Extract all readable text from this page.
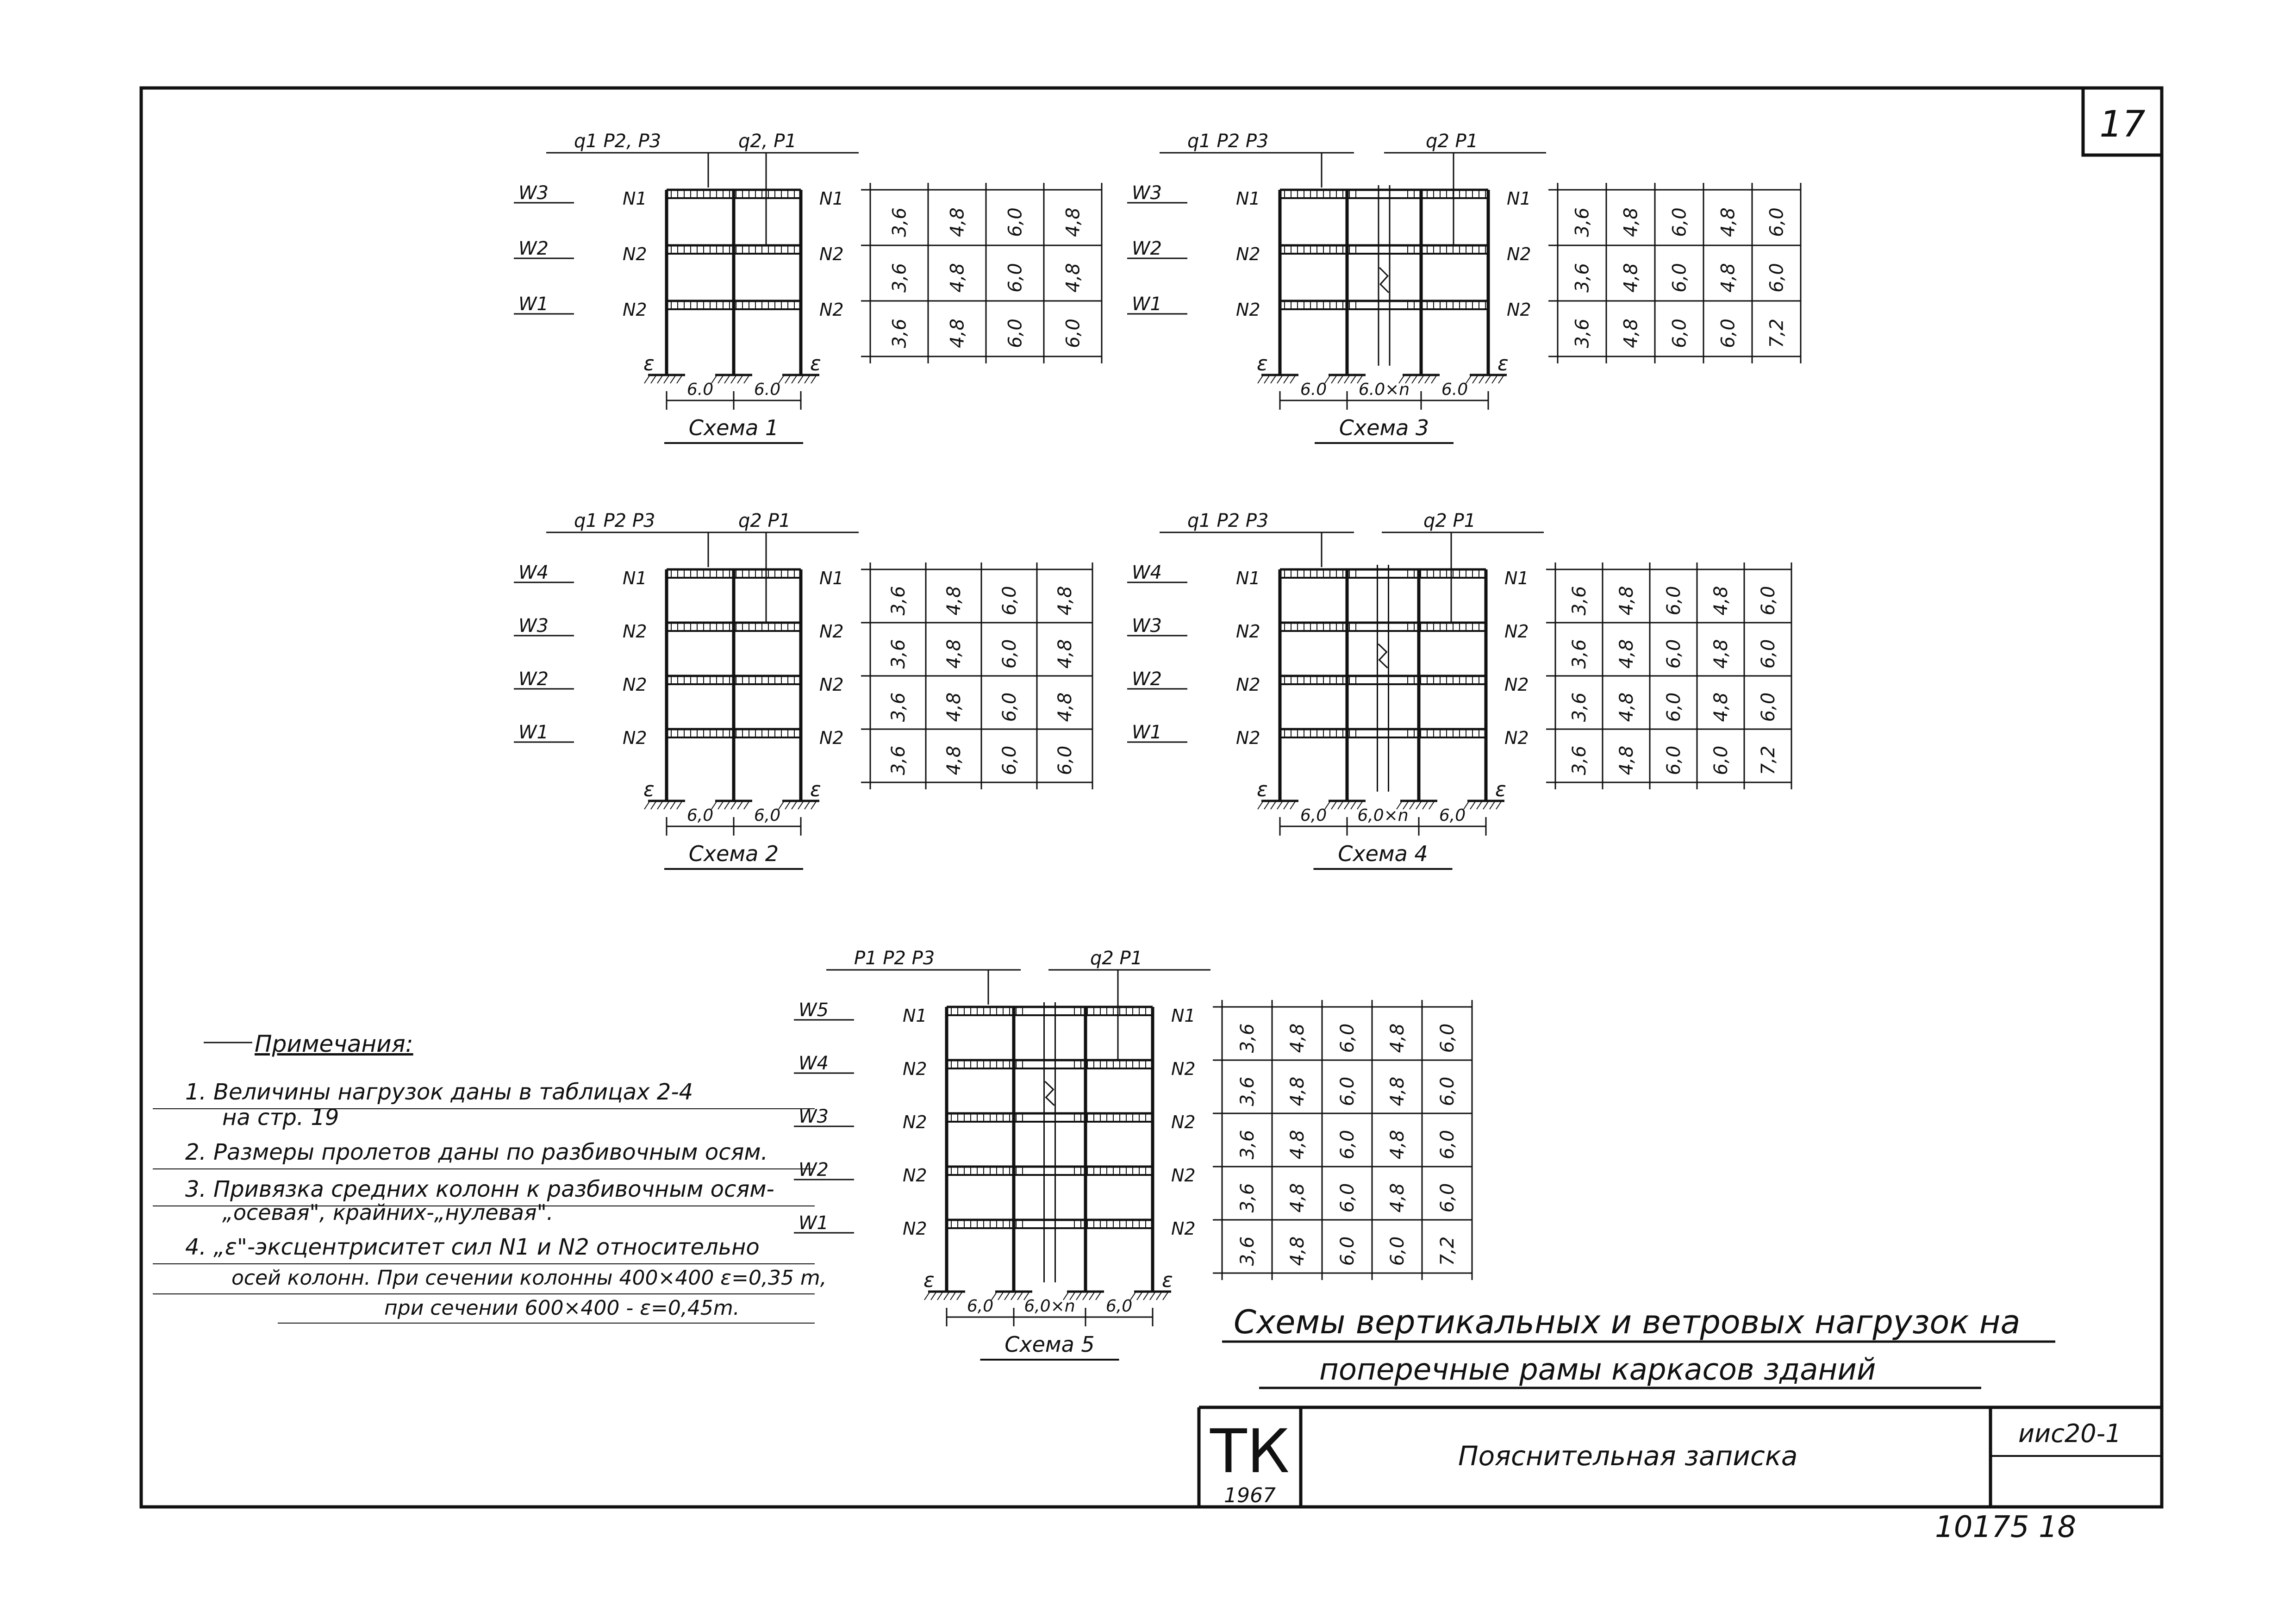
17
q1 P2, P3	q2, P1
W3	N1	N1
W2	N2	N2
W1	N2	N2
ε	ε
6.0 6.0
Схема 1
3,6 4,8 6,0 4,8
3,6 4,8 6,0 4,8
3,6 4,8 6,0 6,0
q1 P2 P3	q2 P1
W3	N1	N1
W2	N2	N2
W1	N2	N2
ε	ε
6.0 6.0×n 6.0
Схема 3
3,6 4,8 6,0 4,8 6,0
3,6 4,8 6,0 4,8 6,0
3,6 4,8 6,0 6,0 7,2
q1 P2 P3	q2 P1
W4	N1	N1
W3	N2	N2
W2	N2	N2
W1	N2	N2
ε	ε
6,0 6,0
Схема 2
3,6 4,8 6,0 4,8
3,6 4,8 6,0 4,8
3,6 4,8 6,0 4,8
3,6 4,8 6,0 6,0
q1 P2 P3	q2 P1
W4	N1	N1
W3	N2	N2
W2	N2	N2
W1	N2	N2
ε	ε
6,0 6,0×n 6,0
Схема 4
3,6 4,8 6,0 4,8 6,0
3,6 4,8 6,0 4,8 6,0
3,6 4,8 6,0 4,8 6,0
3,6 4,8 6,0 6,0 7,2
P1 P2 P3	q2 P1
W5	N1	N1
W4	N2	N2
W3	N2	N2
W2	N2	N2
W1	N2	N2
ε	ε
6,0 6,0×n 6,0
Схема 5
3,6 4,8 6,0 4,8 6,0
3,6 4,8 6,0 4,8 6,0
3,6 4,8 6,0 4,8 6,0
3,6 4,8 6,0 4,8 6,0
3,6 4,8 6,0 6,0 7,2
Примечания:
1. Величины нагрузок даны в таблицах 2-4
на стр. 19
2. Размеры пролетов даны по разбивочным осям.
3. Привязка средних колонн к разбивочным осям-
„осевая", крайних-„нулевая".
4. „ε"-эксцентриситет сил N1 и N2 относительно
осей колонн. При сечении колонны 400×400 ε=0,35 m,
при сечении 600×400 - ε=0,45m.	Схемы вертикальных и ветровых нагрузок на
поперечные рамы каркасов зданий
ТК
1967
Пояснительная записка
иис20-1
10175 18
